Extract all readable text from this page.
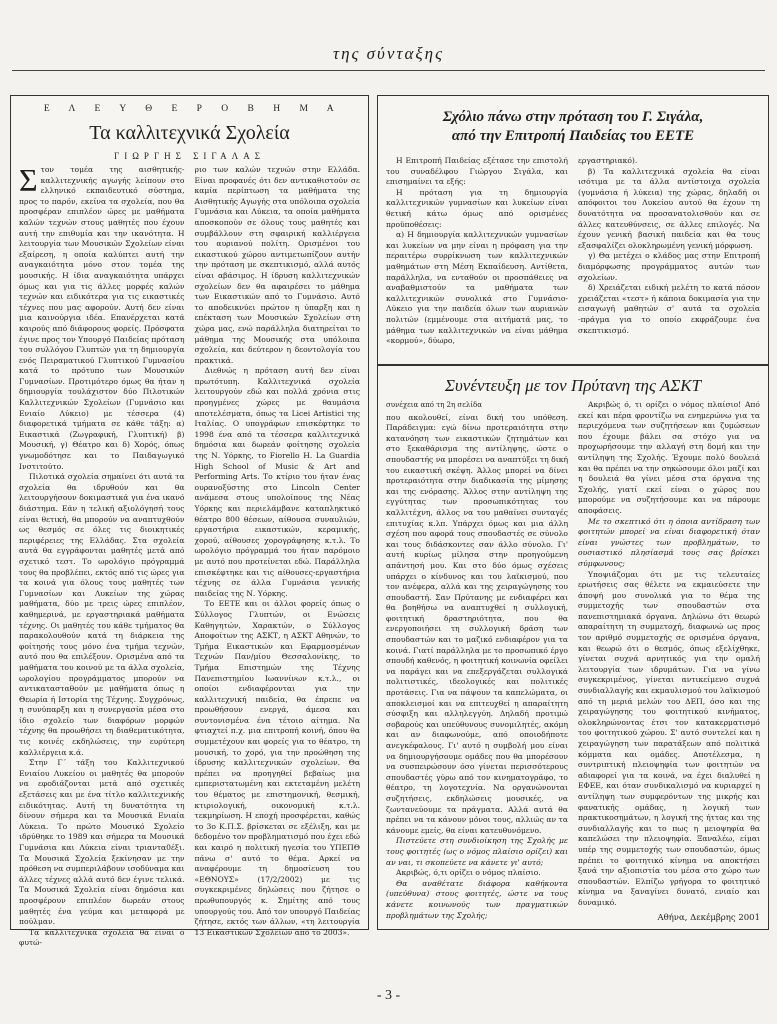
της σύνταξης
Ε Λ Ε Υ Θ Ε Ρ Ο Β Η Μ Α
Τα καλλιτεχνικά Σχολεία
ΓΙΩΡΓΗΣ ΣΙΓΑΛΑΣ

Στον τομέα της αισθητικής-καλλιτεχνικής αγωγής λείπουν στο ελληνικό εκπαιδευτικό σύστημα, προς το παρόν, εκείνα τα σχολεία, που θα προσφέραν επιπλέον ώρες με μαθήματα καλών τεχνών στους μαθητές που έχουν αυτή την επιθυμία και την ικανότητα. Η λειτουργία των Μουσικών Σχολείων είναι εξαίρεση, η οποία καλύπτει αυτή την αναγκαιότητα μόνο στον τομέα της μουσικής. Η ίδια αναγκαιότητα υπάρχει όμως και για τις άλλες μορφές καλών τεχνών και ειδικότερα για τις εικαστικές τέχνες που μας αφορούν. Αυτή δεν είναι μια καινούργια ιδέα. Επανέρχεται κατά καιρούς από διάφορους φορείς. Πρόσφατα έγινε προς τον Υπουργό Παιδείας πρόταση του συλλόγου Γλυπτών για τη δημιουργία ενός Πειραματικού Γλυπτικού Γυμνασίου κατά το πρότυπο των Μουσικών Γυμνασίων. Προτιμότερο όμως θα ήταν η δημιουργία τουλάχιστον δύο Πιλοτικών Καλλιτεχνικών Σχολείων (Γυμνάσιο και Ενιαίο Λύκειο) με τέσσερα (4) διαφορετικά τμήματα σε κάθε τάξη: α) Εικαστικά (Ζωγραφική, Γλυπτική) β) Μουσική, γ) Θέατρο και δ) Χορός, όπως γνωμοδότησε και το Παιδαγωγικό Ινστιτούτο.

Πιλοτικά σχολεία σημαίνει ότι αυτά τα σχολεία θα ιδρυθούν και θα λειτουργήσουν δοκιμαστικά για ένα ικανό διάστημα. Εάν η τελική αξιολόγησή τους είναι θετική, θα μπορούν να αναπτυχθούν ως θεσμός σε όλες τις διοικητικές περιφέρειες της Ελλάδας. Στα σχολεία αυτά θα εγγράφονται μαθητές μετά από σχετικό τεστ. Το ωρολόγιο πρόγραμμά τους θα προβλέπει, εκτός από τις ώρες για τα κοινά για όλους τους μαθητές των Γυμνασίων και Λυκείων της χώρας μαθήματα, δύο με τρεις ώρες επιπλέον, καθημερινά, με εργαστηριακά μαθήματα τέχνης. Οι μαθητές του κάθε τμήματος θα παρακολουθούν κατά τη διάρκεια της φοίτησής τους μόνο ένα τμήμα τεχνών, αυτό που θα επιλέξουν. Ορισμένα από τα μαθήματα του κοινού με τα άλλα σχολεία, ωρολογίου προγράμματος μπορούν να αντικατασταθούν με μαθήματα όπως η Θεωρία ή Ιστορία της Τέχνης. Συγχρόνως, η συνύπαρξη και η συνεργασία μέσα στο ίδιο σχολείο των διαφόρων μορφών τέχνης θα προωθήσει τη διαθεματικότητα, τις κοινές εκδηλώσεις, την ευρύτερη καλλιέργεια κ.ά.

Στην Γ΄ τάξη του Καλλιτεχνικού Ενιαίου Λυκείου οι μαθητές θα μπορούν να εφοδιάζονται μετά από σχετικές εξετάσεις και με ένα τίτλο καλλιτεχνικής ειδικότητας. Αυτή τη δυνατότητα τη δίνουν σήμερα και τα Μουσικά Ενιαία Λύκεια. Το πρώτο Μουσικό Σχολείο ιδρύθηκε το 1989 και σήμερα τα Μουσικά Γυμνάσια και Λύκεια είναι τριαντα0έξι. Τα Μουσικά Σχολεία ξεκίνησαν με την πρόθεση να συμπεριλάβουν ισοδύναμα και άλλες τέχνες αλλά αυτό δεν έγινε τελικά. Τα Μουσικά Σχολεία είναι δημόσια και προσφέρουν επιπλέον δωρεάν στους μαθητές ένα γεύμα και μεταφορά με πούλμαν.

Τα καλλιτεχνικά σχολεία θα είναι ο φυτώ-

ριο των καλών τεχνών στην Ελλάδα. Είναι προφανές ότι δεν αντικαθιστούν σε καμία περίπτωση τα μαθήματα της Αισθητικής Αγωγής στα υπόλοιπα σχολεία Γυμνάσια και Λύκεια, τα οποία μαθήματα αποσκοπούν σε όλους τους μαθητές και συμβάλλουν στη σφαιρική καλλιέργεια του αυριανού πολίτη. Ορισμένοι του εικαστικού χώρου αντιμετωπίζουν αυτήν την πρόταση με σκεπτικισμό, αλλά αυτός είναι αβάσιμος. Η ίδρυση καλλιτεχνικών σχολείων δεν θα αφαιρέσει το μάθημα των Εικαστικών από το Γυμνάσιο. Αυτό το αποδεικνύει πρώτον η ύπαρξη και η επέκταση των Μουσικών Σχολείων στη χώρα μας, ενώ παράλληλα διατηρείται το μάθημα της Μουσικής στα υπόλοιπα σχολεία, και δεύτερον η δεοντολογία του πρακτικά.

Διεθνώς η πρόταση αυτή δεν είναι πρωτότυπη. Καλλιτεχνικά σχολεία λειτουργούν εδώ και πολλά χρόνια στις προηγμένες χώρες με θαυμάσια αποτελέσματα, όπως τα Licei Artistici της Ιταλίας. Ο υπογράφων επισκέφτηκε το 1998 ένα από τα τέσσερα καλλιτεχνικά δημόσια και δωρεάν φοίτησης σχολεία της Ν. Υόρκης, το Fiorello H. La Guardia High School of Music & Art and Performing Arts. Το κτίριο του ήταν ένας ουρανοξύστης στο Lincoln Center ανάμεσα στους υπολοίπους της Νέας Υόρκης και περιελάμβανε καταπληκτικό θέατρο 800 θέσεων, αίθουσα συναυλιών, εργαστήρια εικαστικών, κεραμικής, χορού, αίθουσες χορογράφησης κ.τ.λ. Το ωρολόγιο πρόγραμμά του ήταν παρόμοιο με αυτό που προτείνεται εδώ. Παράλληλα επισκέφτηκε και τις αίθουσες-εργαστήρια τέχνης σε άλλα Γυμνάσια γενικής παιδείας της Ν. Υόρκης.

Το ΕΕΤΕ και οι άλλοι φορείς όπως ο Σύλλογος Γλυπτών, οι Ενώσεις Καθηγητών, Χαρακτών, ο Σύλλογος Αποφοίτων της ΑΣΚΤ, η ΑΣΚΤ Αθηνών, το Τμήμα Εικαστικών και Εφαρμοσμένων Τεχνών Παν/μίου Θεσσαλονίκης, το Τμήμα Επιστημών της Τέχνης Πανεπιστημίου Ιωαννίνων κ.τ.λ., οι οποίοι ενδιαφέρονται για την καλλιτεχνική παιδεία, θα έπρεπε να προωθήσουν ενεργά, άμεσα και συντονισμένα ένα τέτοιο αίτημα. Να φτιαχτεί π.χ. μια επιτροπή κοινή, όπου θα συμμετέχουν και φορείς για το θέατρο, τη μουσική, το χορό, για την προώθηση της ίδρυσης καλλιτεχνικών σχολείων. Θα πρέπει να προηγηθεί βεβαίως μια εμπεριστατωμένη και εκτεταμένη μελέτη του θέματος με επιστημονική, θεσμική, κτιριολογική, οικονομική κ.τ.λ. τεκμηρίωση. Η εποχή προσφέρεται, καθώς το 3ο Κ.Π.Σ. βρίσκεται σε εξέλιξη, και με δεδομένο τον προβληματισμό που έχει εδώ και καιρό η πολιτική ηγεσία του ΥΠΕΠΘ πάνω σ' αυτό το θέμα. Αρκεί να αναφέρουμε τη δημοσίευση του «ΕΘΝΟΥΣ» (17/2/2002) με τις συγκεκριμένες δηλώσεις που ζήτησε ο πρωθυπουργός κ. Σημίτης από τους υπουργούς του. Από τον υπουργό Παιδείας ζήτησε, εκτός των άλλων, «τη λειτουργία 13 Εικαστικών Σχολείων από το 2003».

Σχόλιο πάνω στην πρόταση του Γ. Σιγάλα,
από την Επιτροπή Παιδείας του ΕΕΤΕ

Η Επιτροπή Παιδείας εξέτασε την επιστολή του συναδέλφου Γιώργου Σιγάλα, και επισημαίνει τα εξής:

Η πρόταση για τη δημιουργία καλλιτεχνικών γυμνασίων και λυκείων είναι θετική κάτω όμως από ορισμένες προϋποθέσεις:

α) Η δημιουργία καλλιτεχνικών γυμνασίων και λυκείων να μην είναι η πρόφαση για την περαιτέρω συρρίκνωση των καλλιτεχνικών μαθημάτων στη Μέση Εκπαίδευση. Αντίθετα, παράλληλα, να ενταθούν οι προσπάθειες να αναβαθμιστούν τα μαθήματα των καλλιτεχνικών συνολικά στο Γυμνάσιο-Λύκειο για την παιδεία όλων των αυριανών πολιτών (εμμένουμε στα αιτήματά μας, το μάθημα των καλλιτεχνικών να είναι μάθημα «κορμού», δύωρο,

εργαστηριακό).

β) Τα καλλιτεχνικά σχολεία θα είναι ισότιμα με τα άλλα αντίστοιχα σχολεία (γυμνάσια ή λύκεια) της χώρας, δηλαδή οι απόφοιτοι του Λυκείου αυτού θα έχουν τη δυνατότητα να προσανατολισθούν και σε άλλες κατευθύνσεις, σε άλλες επιλογές. Να έχουν γενική βασική παιδεία και θα τους εξασφαλίζει ολοκληρωμένη γενική μόρφωση.

γ) Θα μετέχει ο κλάδος μας στην Επιτροπή διαμόρφωσης προγράμματος αυτών των σχολείων.

δ) Χρειάζεται ειδική μελέτη το κατά πόσον χρειάζεται «τεστ» ή κάποια δοκιμασία για την εισαγωγή μαθητών σ' αυτά τα σχολεία -πράγμα για το οποίο εκφράζουμε ένα σκεπτικισμό.

Συνέντευξη με τον Πρύτανη της ΑΣΚΤ
συνέχεια από τη 2η σελίδα

που ακολουθεί, είναι δική του υπόθεση. Παράδειγμα: εγώ δίνω προτεραιότητα στην κατανόηση των εικαστικών ζητημάτων και στο ξεκαθάρισμα της αντίληψης, ώστε ο σπουδαστής να μπορέσει να αναπτύξει τη δική του εικαστική σκέψη. Άλλος μπορεί να δίνει προτεραιότητα στην διαδικασία της μίμησης και της ενόρασης. Άλλος στην αντίληψη της εγγύτητας των προσωπικότητας του καλλιτέχνη, άλλος να του μαθαίνει συνταγές επιτυχίας κ.λπ. Υπάρχει όμως και μια άλλη σχέση που αφορά τους σπουδαστές σε σύνολο και τους διδάσκοντες σαν άλλο σύνολο. Γι' αυτή κυρίως μίλησα στην προηγούμενη απάντησή μου. Και στο δύο όμως σχέσεις υπάρχει ο κίνδυνος και του λαϊκισμού, που τον ανέφερα, αλλά και της χειραγώγησης του σπουδαστή. Σαν Πρύτανης με ενδιαφέρει και θα βοηθήσω να αναπτυχθεί η συλλογική, φοιτητική δραστηριότητα, που θα ενεργοποιήσει τη συλλογική δράση των σπουδαστών και το μαζικό ενδιαφέρον για τα κοινά. Γιατί παράλληλα με το προσωπικό έργο σπουδή καθενός, η φοιτητική κοινωνία οφείλει να παράγει και να επεξεργάζεται συλλογικά πολιτιστικές, ιδεολογικές και πολιτικές προτάσεις. Για να πάψουν τα καπελώματα, οι αποκλεισμοί και να επιτευχθεί η απαραίτητη σύσφιξη και αλληλεγγύη. Δηλαδή προτιμώ σοβαρούς και υπεύθυνους συνομιλητές, ακόμη και αν διαφωνούμε, από οποιοδήποτε ανεγκέφαλους. Γι' αυτό η συμβολή μου είναι να δημιουργήσουμε ομάδες που θα μπορέσουν να συσπειρώσουν όσο γίνεται περισσότερους σπουδαστές γύρω από τον κινηματογράφο, το θέατρο, τη λογοτεχνία. Να οργανώνονται συζητήσεις, εκδηλώσεις μουσικές, να ζωντανεύουμε τα πράγματα. Αλλά αυτά θα πρέπει να τα κάνουν μόνοι τους, αλλιώς αν τα κάνουμε εμείς, θα είναι κατευθυνόμενο.

Πιστεύετε στη συνδιοίκηση της Σχολής με τους φοιτητές (ως ο νόμος πλαίσιο ορίζει) και αν ναι, τι σκοπεύετε να κάνετε γι' αυτό;

Ακριβώς, ό,τι ορίζει ο νόμος πλαίσιο.

Θα αναθέτατε διάφορα καθήκοντα (υπεύθυνα) στους φοιτητές, ώστε να τους κάνετε κοινωνούς των πραγματικών προβλημάτων της Σχολής;

Ακριβώς ό, τι ορίζει ο νόμος πλαίσιο! Από εκεί και πέρα φροντίζω να ενημερώνω για τα περιεχόμενα των συζητήσεων και ζυμώσεων που έχουμε βάλει σα στόχο για να προχωρήσουμε την αλλαγή στη δομή και την αντίληψη της Σχολής. Έχουμε πολύ δουλειά και θα πρέπει να την σηκώσουμε όλοι μαζί και η δουλειά θα γίνει μέσα στα όργανα της Σχολής, γιατί εκεί είναι ο χώρος που μπορούμε να συζητήσουμε και να πάρουμε αποφάσεις.

Με το σκεπτικό ότι η όποια αντίδραση των φοιτητών μπορεί να είναι διαφορετική όταν είναι γνώστες των προβλημάτων, το ουσιαστικό πλησίασμά τους σας βρίσκει σύμφωνους;

Υποψιάζομαι ότι με τις τελευταίες ερωτήσεις σας θέλετε να εκμαιεύσετε την άποψή μου συνολικά για το θέμα της συμμετοχής των σπουδαστών στα πανεπιστημιακά όργανα. Δηλώνω ότι θεωρώ απαραίτητη τη συμμετοχή, διαφωνώ ως προς τον αριθμό συμμετοχής σε ορισμένα όργανα, και θεωρώ ότι ο θεσμός, όπως εξελίχθηκε, γίνεται συχνά αρνητικός για την ομαλή λειτουργία των ιδρυμάτων. Για να γίνω συγκεκριμένος, γίνεται αντικείμενο συχνά συνδιαλλαγής και εκμαυλισμού του λαϊκισμού από τη μεριά μελών του ΔΕΠ, όσο και της χειραγώγησης του φοιτητικού κινήματος, ολοκληρώνοντας έτσι τον κατακερματισμό του φοιτητικού χώρου. Σ' αυτό συντελεί και η χειραγώγηση των παρατάξεων από πολιτικά κόμματα και ομάδες. Αποτέλεσμα, η συντριπτική πλειοψηφία των φοιτητών να αδιαφορεί για τα κοινά, να έχει διαλυθεί η ΕΦΕΕ, και όταν συνδικαλισμό να κυριαρχεί η αντίληψη των συμφερόντων της μικρής και φανατικής ομάδας, η λογική των πρακτικοσημάτων, η λογική της ήττας και της συνδιαλλαγής και το πως η μειοψηφία θα καπελώσει την πλειοψηφία. Ξαναλέω, είμαι υπέρ της συμμετοχής των σπουδαστών, όμως πρέπει το φοιτητικό κίνημα να αποκτήσει ξανά την αξιοπιστία του μέσα στο χώρο των σπουδαστών. Ελπίζω γρήγορα το φοιτητικό κίνημα να ξαναγίνει δυνατό, ενιαίο και δυναμικό.

Αθήνα, Δεκέμβρης 2001
- 3 -
